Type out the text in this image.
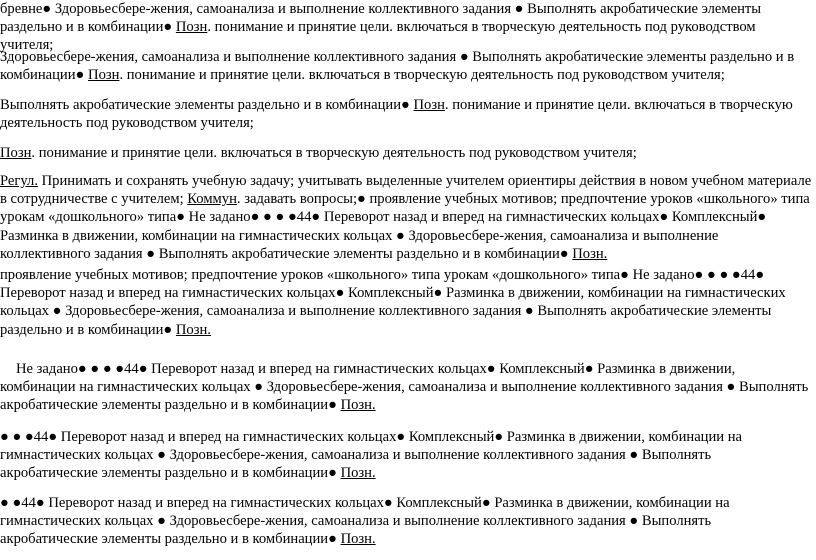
бревне● Здоровьесбере-жения, самоанализа и выполнение коллективного задания ● Выполнять акробатические элементы раздельно и в комбинации● Позн. понимание и принятие цели. включаться в творческую деятельность под руководством учителя;

Здоровьесбере-жения, самоанализа и выполнение коллективного задания ● Выполнять акробатические элементы раздельно и в комбинации● Позн. понимание и принятие цели. включаться в творческую деятельность под руководством учителя;

Выполнять акробатические элементы раздельно и в комбинации● Позн. понимание и принятие цели. включаться в творческую деятельность под руководством учителя;

Позн. понимание и принятие цели. включаться в творческую деятельность под руководством учителя;

Регул. Принимать и сохранять учебную задачу; учитывать выделенные учителем ориентиры действия в новом учебном материале в сотрудничестве с учителем; Коммун. задавать вопросы;● проявление учебных мотивов; предпочтение уроков «школьного» типа урокам «дошкольного» типа● Не задано● ● ● ●44● Переворот назад и вперед на гимнастических кольцах● Комплексный● Разминка в движении, комбинации на гимнастических кольцах ● Здоровьесбере-жения, самоанализа и выполнение коллективного задания ● Выполнять акробатические элементы раздельно и в комбинации● Позн.

проявление учебных мотивов; предпочтение уроков «школьного» типа урокам «дошкольного» типа● Не задано● ● ● ●44● Переворот назад и вперед на гимнастических кольцах● Комплексный● Разминка в движении, комбинации на гимнастических кольцах ● Здоровьесбере-жения, самоанализа и выполнение коллективного задания ● Выполнять акробатические элементы раздельно и в комбинации● Позн.

Не задано● ● ● ●44● Переворот назад и вперед на гимнастических кольцах● Комплексный● Разминка в движении, комбинации на гимнастических кольцах ● Здоровьесбере-жения, самоанализа и выполнение коллективного задания ● Выполнять акробатические элементы раздельно и в комбинации● Позн.

● ● ●44● Переворот назад и вперед на гимнастических кольцах● Комплексный● Разминка в движении, комбинации на гимнастических кольцах ● Здоровьесбере-жения, самоанализа и выполнение коллективного задания ● Выполнять акробатические элементы раздельно и в комбинации● Позн.

● ●44● Переворот назад и вперед на гимнастических кольцах● Комплексный● Разминка в движении, комбинации на гимнастических кольцах ● Здоровьесбере-жения, самоанализа и выполнение коллективного задания ● Выполнять акробатические элементы раздельно и в комбинации● Позн.
